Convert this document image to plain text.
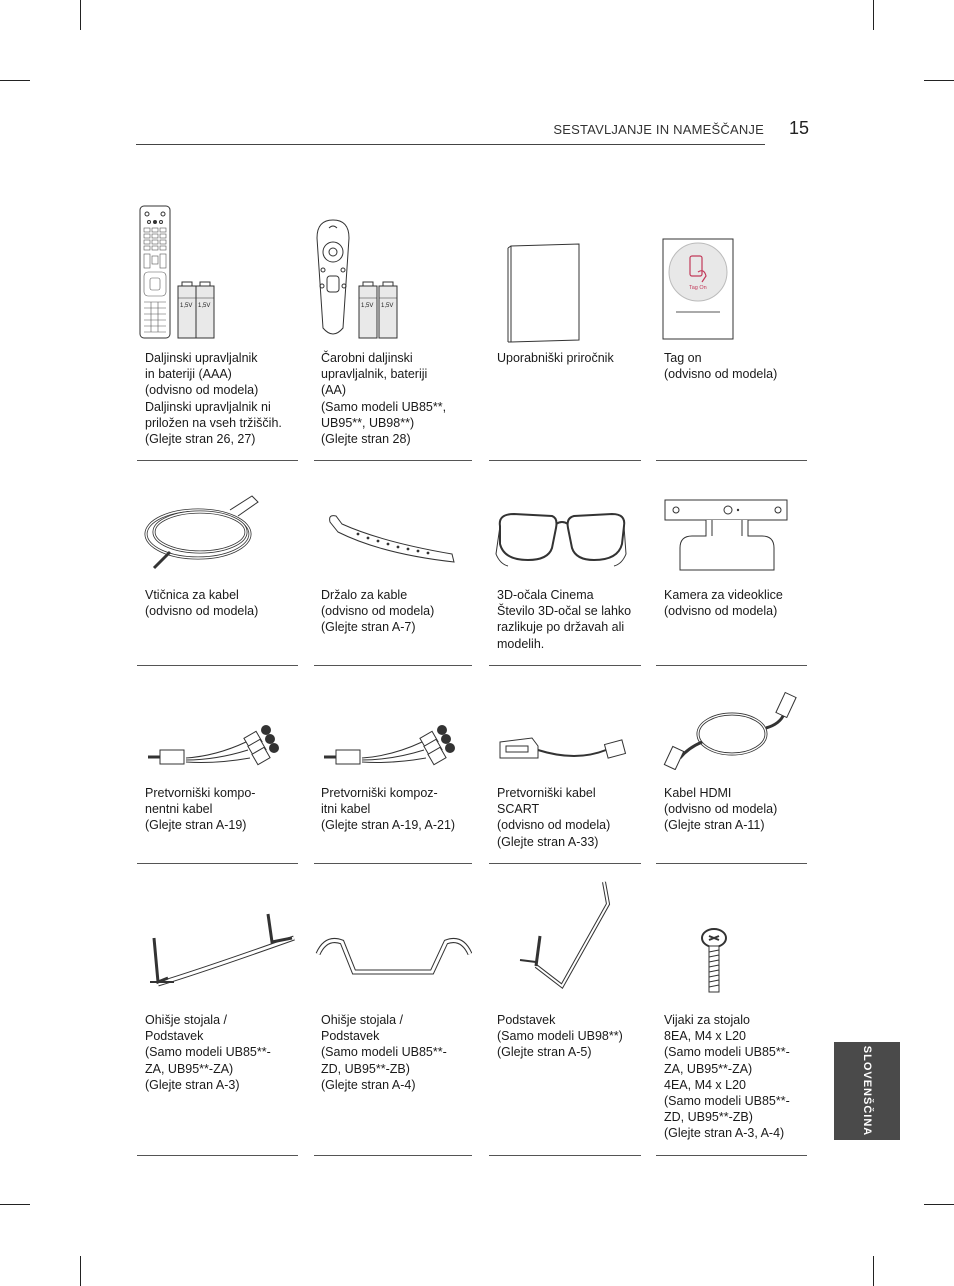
SESTAVLJANJE IN NAMEŠČANJE 15
SLOVENŠČINA
1,5V 1,5V	1,5V 1,5V
Tag On
Daljinski upravljalnik
in bateriji (AAA)
(odvisno od modela)
Daljinski upravljalnik ni
priložen na vseh tržiščih.
(Glejte stran 26, 27)
Čarobni daljinski
upravljalnik, bateriji
(AA)
(Samo modeli UB85**,
UB95**, UB98**)
(Glejte stran 28)
Uporabniški priročnik	Tag on
(odvisno od modela)
Vtičnica za kabel
(odvisno od modela)
Držalo za kable
(odvisno od modela)
(Glejte stran A-7)
3D-očala Cinema
Število 3D-očal se lahko
razlikuje po državah ali
modelih.
Kamera za videoklice
(odvisno od modela)
Pretvorniški kompo-
nentni kabel
(Glejte stran A-19)
Pretvorniški kompoz-
itni kabel
(Glejte stran A-19, A-21)
Pretvorniški kabel
SCART
(odvisno od modela)
(Glejte stran A-33)
Kabel HDMI
(odvisno od modela)
(Glejte stran A-11)
Ohišje stojala /
Podstavek
(Samo modeli UB85**-
ZA, UB95**-ZA)
(Glejte stran A-3)
Ohišje stojala /
Podstavek
(Samo modeli UB85**-
ZD, UB95**-ZB)
(Glejte stran A-4)
Podstavek
(Samo modeli UB98**)
(Glejte stran A-5)
Vijaki za stojalo
8EA, M4 x L20
(Samo modeli UB85**-
ZA, UB95**-ZA)
4EA, M4 x L20
(Samo modeli UB85**-
ZD, UB95**-ZB)
(Glejte stran A-3, A-4)
